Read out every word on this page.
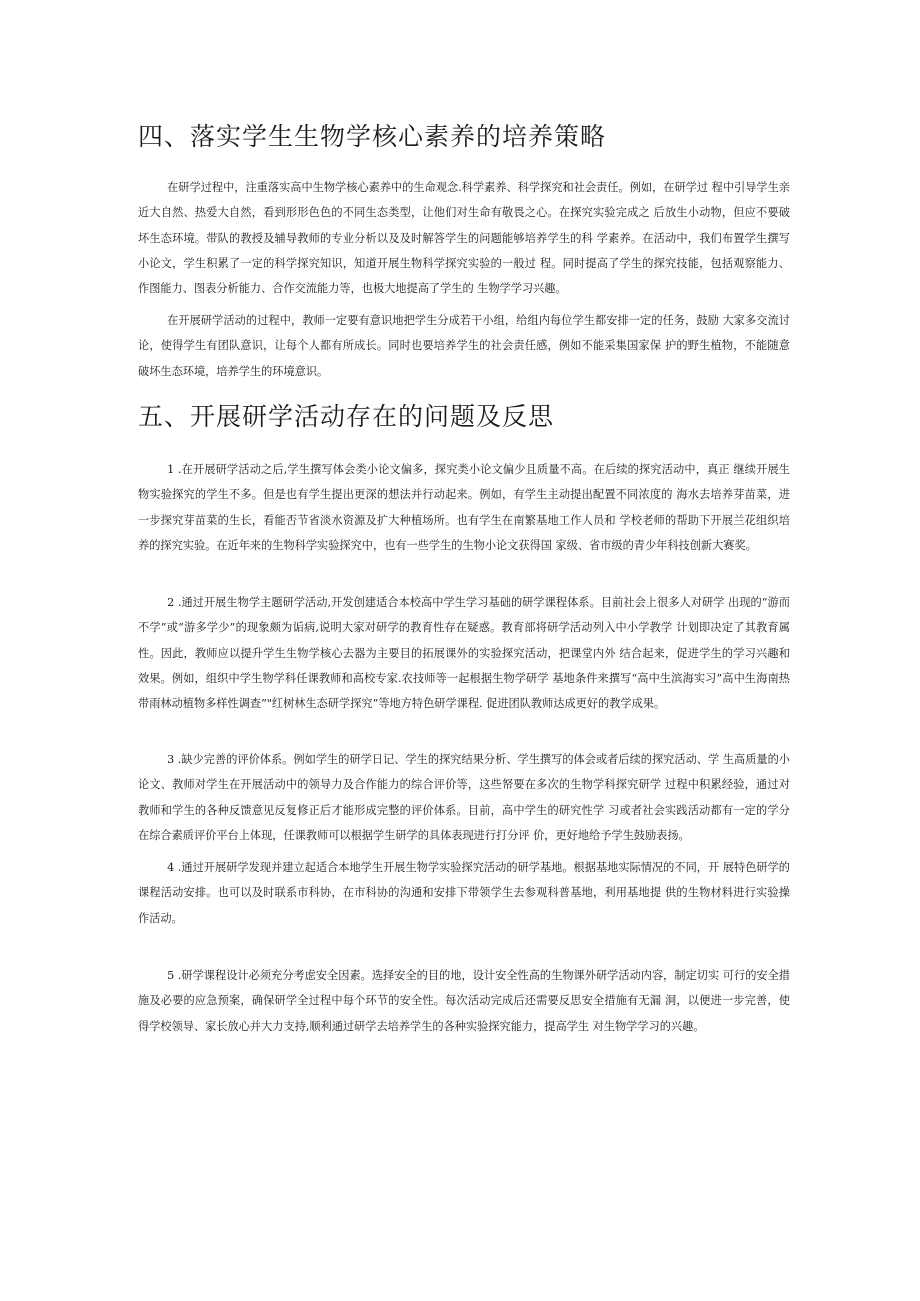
四、落实学生生物学核心素养的培养策略

在研学过程中，注重落实高中生物学核心素养中的生命观念.科学素养、科学探究和社会责任。例如，在研学过 程中引导学生亲近大自然、热爱大自然，看到形形色色的不同生态类型，让他们对生命有敬畏之心。在探究实验完成之 后放生小动物，但应不要破坏生态环境。带队的教授及辅导教师的专业分析以及及时解答学生的问题能够培养学生的科 学素养。在活动中，我们布置学生撰写小论文，学生积累了一定的科学探究知识，知道开展生物科学探究实验的一般过 程。同时提高了学生的探究技能，包括观察能力、作图能力、图表分析能力、合作交流能力等，也极大地提高了学生的 生物学学习兴趣。

在开展研学活动的过程中，教师一定要有意识地把学生分成若干小组，给组内每位学生都安排一定的任务，鼓励 大家多交流讨论，使得学生有团队意识，让每个人都有所成长。同时也要培养学生的社会责任感，例如不能采集国家保 护的野生植物，不能随意破坏生态环境，培养学生的环境意识。

五、开展研学活动存在的问题及反思

1 .在开展研学活动之后,学生撰写体会类小论文偏多，探究类小论文偏少且质量不高。在后续的探究活动中，真正 继续开展生物实验探究的学生不多。但是也有学生提出更深的想法并行动起来。例如，有学生主动提出配置不同浓度的 海水去培养芽苗菜，进一步探究芽苗菜的生长，看能否节省淡水资源及扩大种植场所。也有学生在南繁基地工作人员和 学校老师的帮助下开展兰花组织培养的探究实验。在近年来的生物科学实验探究中，也有一些学生的生物小论文获得国 家级、省市级的青少年科技创新大赛奖。

2 .通过开展生物学主题研学活动,开发创建适合本校高中学生学习基础的研学课程体系。目前社会上很多人对研学 出现的“游而不学”或“游多学少”的现象颇为诟病,说明大家对研学的教育性存在疑惑。教育部将研学活动列入中小学教学 计划即决定了其教育属性。因此，教师应以提升学生生物学核心去器为主要目的拓展课外的实验探究活动，把课堂内外 结合起来，促进学生的学习兴趣和效果。例如，组织中学生物学科任课教师和高校专家.农技师等一起根据生物学研学 基地条件来撰写“高中生滨海实习”高中生海南热带雨林动植物多样性调查”"红树林生态研学探究”等地方特色研学课程. 促进团队教师达成更好的教学成果。

3 .缺少完善的评价体系。例如学生的研学日记、学生的探究结果分析、学生撰写的体会或者后续的探究活动、学 生高质量的小论文、教师对学生在开展活动中的领导力及合作能力的综合评价等，这些帑要在多次的生物学科探究研学 过程中积累经验，通过对教师和学生的各种反馈意见反复修正后才能形成完整的评价体系。目前，高中学生的研究性学 习或者社会实践活动都有一定的学分在综合素质评价平台上体现，任课教师可以根据学生研学的具体表现进行打分评 价，更好地给予学生鼓励表扬。

4 .通过开展研学发现并建立起适合本地学生开展生物学实验探究活动的研学基地。根据基地实际情况的不同，开 展特色研学的课程活动安排。也可以及时联系市科协，在市科协的沟通和安排下带领学生去参观科普基地，利用基地提 供的生物材料进行实验操作活动。

5 .研学课程设计必须充分考虑安全因素。选择安全的目的地，设计安全性高的生物课外研学活动内容，制定切实 可行的安全措施及必要的应急预案，确保研学全过程中每个环节的安全性。每次活动完成后还需要反思安全措施有无漏 洞，以便进一步完善，使得学校领导、家长放心并大力支持,顺利通过研学去培养学生的各种实验探究能力，提高学生 对生物学学习的兴趣。
